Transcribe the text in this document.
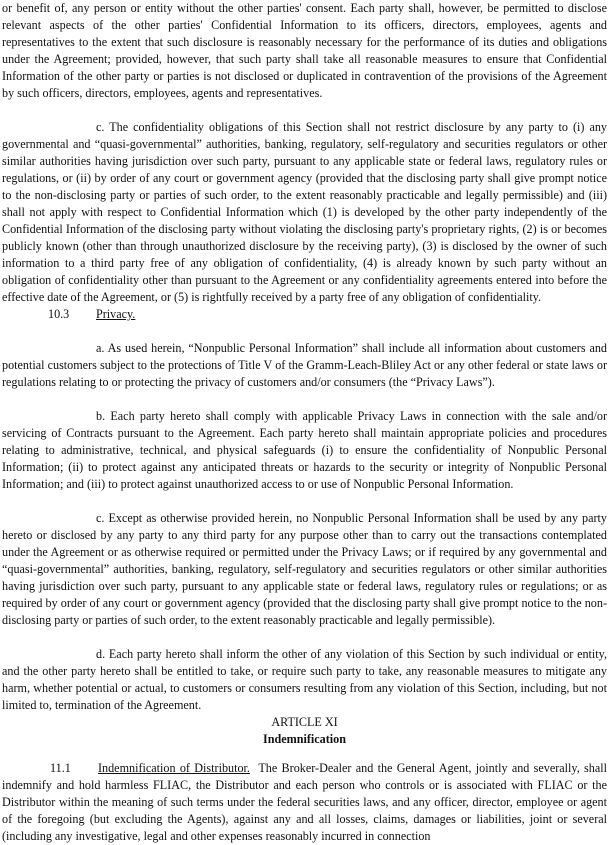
or benefit of, any person or entity without the other parties' consent. Each party shall, however, be permitted to disclose relevant aspects of the other parties' Confidential Information to its officers, directors, employees, agents and representatives to the extent that such disclosure is reasonably necessary for the performance of its duties and obligations under the Agreement; provided, however, that such party shall take all reasonable measures to ensure that Confidential Information of the other party or parties is not disclosed or duplicated in contravention of the provisions of the Agreement by such officers, directors, employees, agents and representatives.

c. The confidentiality obligations of this Section shall not restrict disclosure by any party to (i) any governmental and “quasi-governmental” authorities, banking, regulatory, self-regulatory and securities regulators or other similar authorities having jurisdiction over such party, pursuant to any applicable state or federal laws, regulatory rules or regulations, or (ii) by order of any court or government agency (provided that the disclosing party shall give prompt notice to the non-disclosing party or parties of such order, to the extent reasonably practicable and legally permissible) and (iii) shall not apply with respect to Confidential Information which (1) is developed by the other party independently of the Confidential Information of the disclosing party without violating the disclosing party's proprietary rights, (2) is or becomes publicly known (other than through unauthorized disclosure by the receiving party), (3) is disclosed by the owner of such information to a third party free of any obligation of confidentiality, (4) is already known by such party without an obligation of confidentiality other than pursuant to the Agreement or any confidentiality agreements entered into before the effective date of the Agreement, or (5) is rightfully received by a party free of any obligation of confidentiality.

10.3 Privacy.

a. As used herein, “Nonpublic Personal Information” shall include all information about customers and potential customers subject to the protections of Title V of the Gramm-Leach-Bliley Act or any other federal or state laws or regulations relating to or protecting the privacy of customers and/or consumers (the “Privacy Laws”).

b. Each party hereto shall comply with applicable Privacy Laws in connection with the sale and/or servicing of Contracts pursuant to the Agreement. Each party hereto shall maintain appropriate policies and procedures relating to administrative, technical, and physical safeguards (i) to ensure the confidentiality of Nonpublic Personal Information; (ii) to protect against any anticipated threats or hazards to the security or integrity of Nonpublic Personal Information; and (iii) to protect against unauthorized access to or use of Nonpublic Personal Information.

c. Except as otherwise provided herein, no Nonpublic Personal Information shall be used by any party hereto or disclosed by any party to any third party for any purpose other than to carry out the transactions contemplated under the Agreement or as otherwise required or permitted under the Privacy Laws; or if required by any governmental and “quasi-governmental” authorities, banking, regulatory, self-regulatory and securities regulators or other similar authorities having jurisdiction over such party, pursuant to any applicable state or federal laws, regulatory rules or regulations; or as required by order of any court or government agency (provided that the disclosing party shall give prompt notice to the non-disclosing party or parties of such order, to the extent reasonably practicable and legally permissible).

d. Each party hereto shall inform the other of any violation of this Section by such individual or entity, and the other party hereto shall be entitled to take, or require such party to take, any reasonable measures to mitigate any harm, whether potential or actual, to customers or consumers resulting from any violation of this Section, including, but not limited to, termination of the Agreement.

ARTICLE XI

Indemnification

11.1 Indemnification of Distributor. The Broker-Dealer and the General Agent, jointly and severally, shall indemnify and hold harmless FLIAC, the Distributor and each person who controls or is associated with FLIAC or the Distributor within the meaning of such terms under the federal securities laws, and any officer, director, employee or agent of the foregoing (but excluding the Agents), against any and all losses, claims, damages or liabilities, joint or several (including any investigative, legal and other expenses reasonably incurred in connection
